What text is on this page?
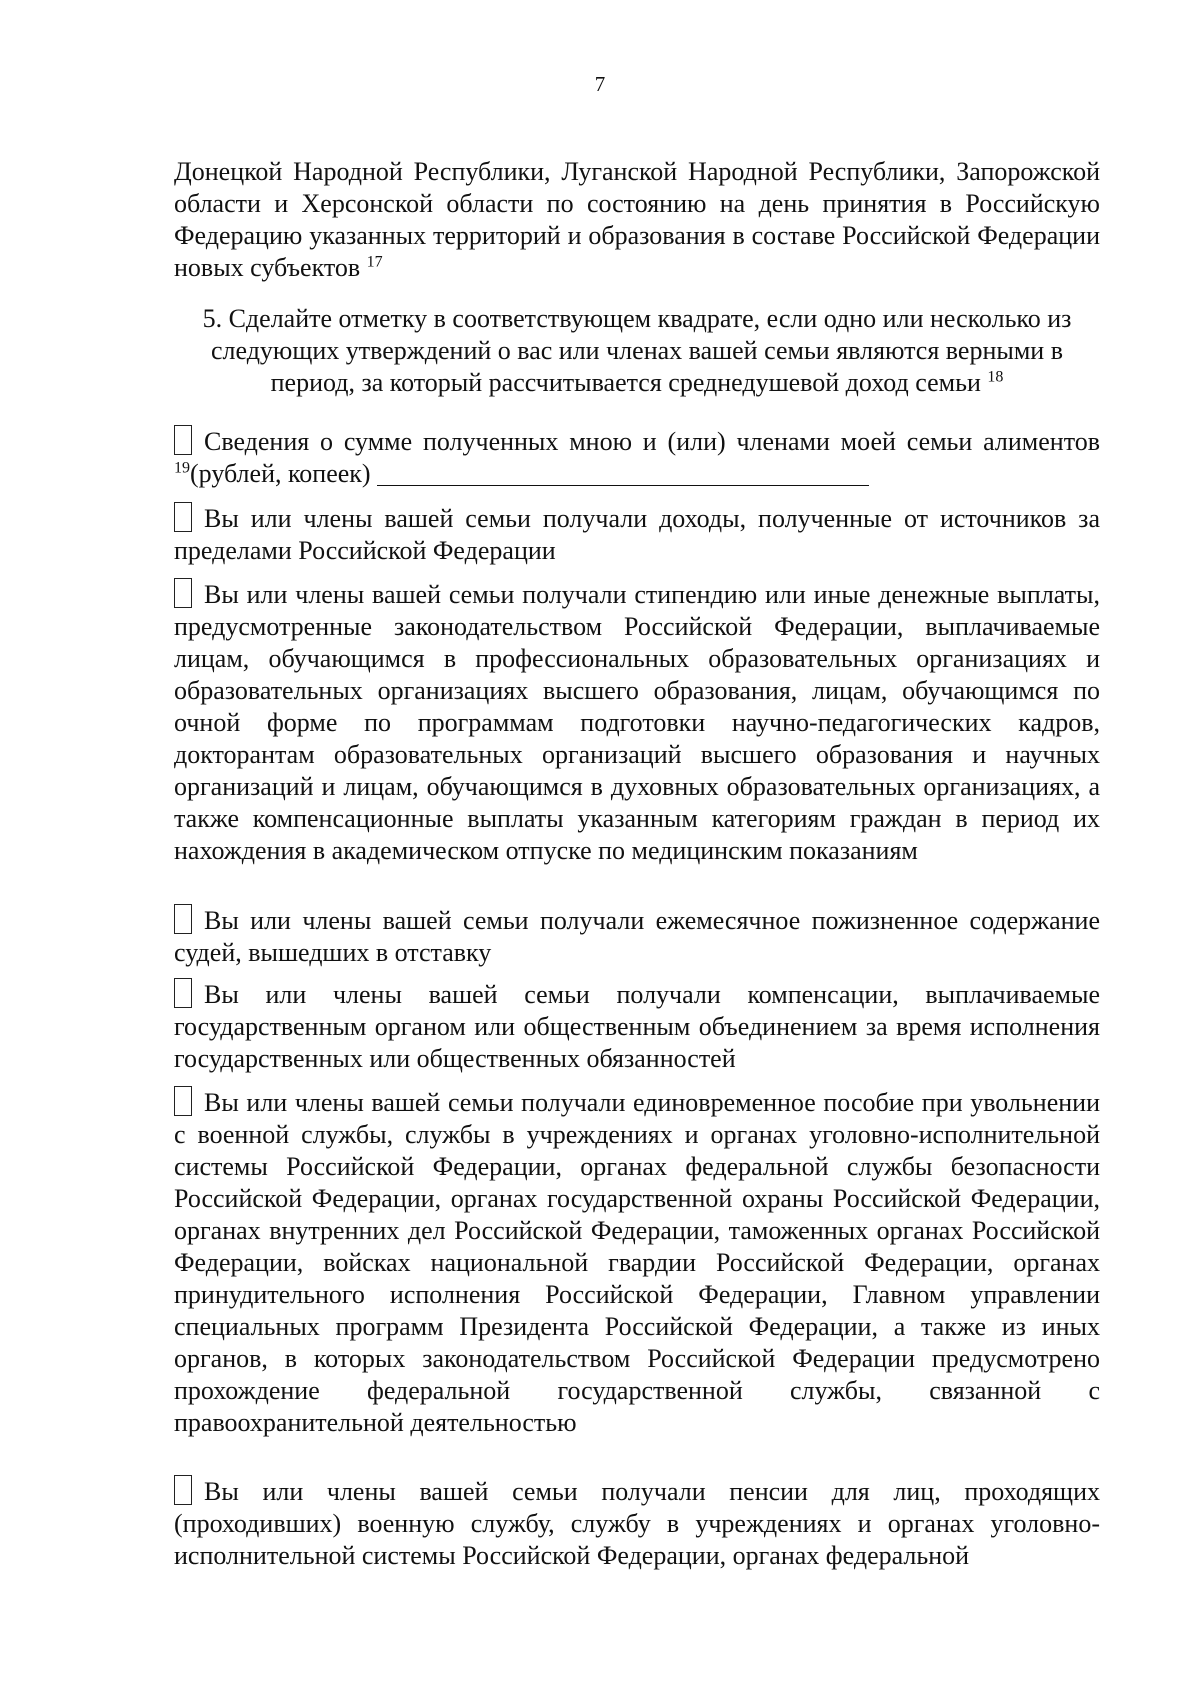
7

Донецкой Народной Республики, Луганской Народной Республики, Запорожской области и Херсонской области по состоянию на день принятия в Российскую Федерацию указанных территорий и образования в составе Российской Федерации новых субъектов $^{17}$

5. Сделайте отметку в соответствующем квадрате, если одно или несколько из следующих утверждений о вас или членах вашей семьи являются верными в период, за который рассчитывается среднедушевой доход семьи $^{18}$

Сведения о сумме полученных мною и (или) членами моей семьи алиментов $^{19}$(рублей, копеек)

Вы или члены вашей семьи получали доходы, полученные от источников за пределами Российской Федерации

Вы или члены вашей семьи получали стипендию или иные денежные выплаты, предусмотренные законодательством Российской Федерации, выплачиваемые лицам, обучающимся в профессиональных образовательных организациях и образовательных организациях высшего образования, лицам, обучающимся по очной форме по программам подготовки научно-педагогических кадров, докторантам образовательных организаций высшего образования и научных организаций и лицам, обучающимся в духовных образовательных организациях, а также компенсационные выплаты указанным категориям граждан в период их нахождения в академическом отпуске по медицинским показаниям

Вы или члены вашей семьи получали ежемесячное пожизненное содержание судей, вышедших в отставку

Вы или члены вашей семьи получали компенсации, выплачиваемые государственным органом или общественным объединением за время исполнения государственных или общественных обязанностей

Вы или члены вашей семьи получали единовременное пособие при увольнении с военной службы, службы в учреждениях и органах уголовно-исполнительной системы Российской Федерации, органах федеральной службы безопасности Российской Федерации, органах государственной охраны Российской Федерации, органах внутренних дел Российской Федерации, таможенных органах Российской Федерации, войсках национальной гвардии Российской Федерации, органах принудительного исполнения Российской Федерации, Главном управлении специальных программ Президента Российской Федерации, а также из иных органов, в которых законодательством Российской Федерации предусмотрено прохождение федеральной государственной службы, связанной с правоохранительной деятельностью

Вы или члены вашей семьи получали пенсии для лиц, проходящих (проходивших) военную службу, службу в учреждениях и органах уголовно-исполнительной системы Российской Федерации, органах федеральной
